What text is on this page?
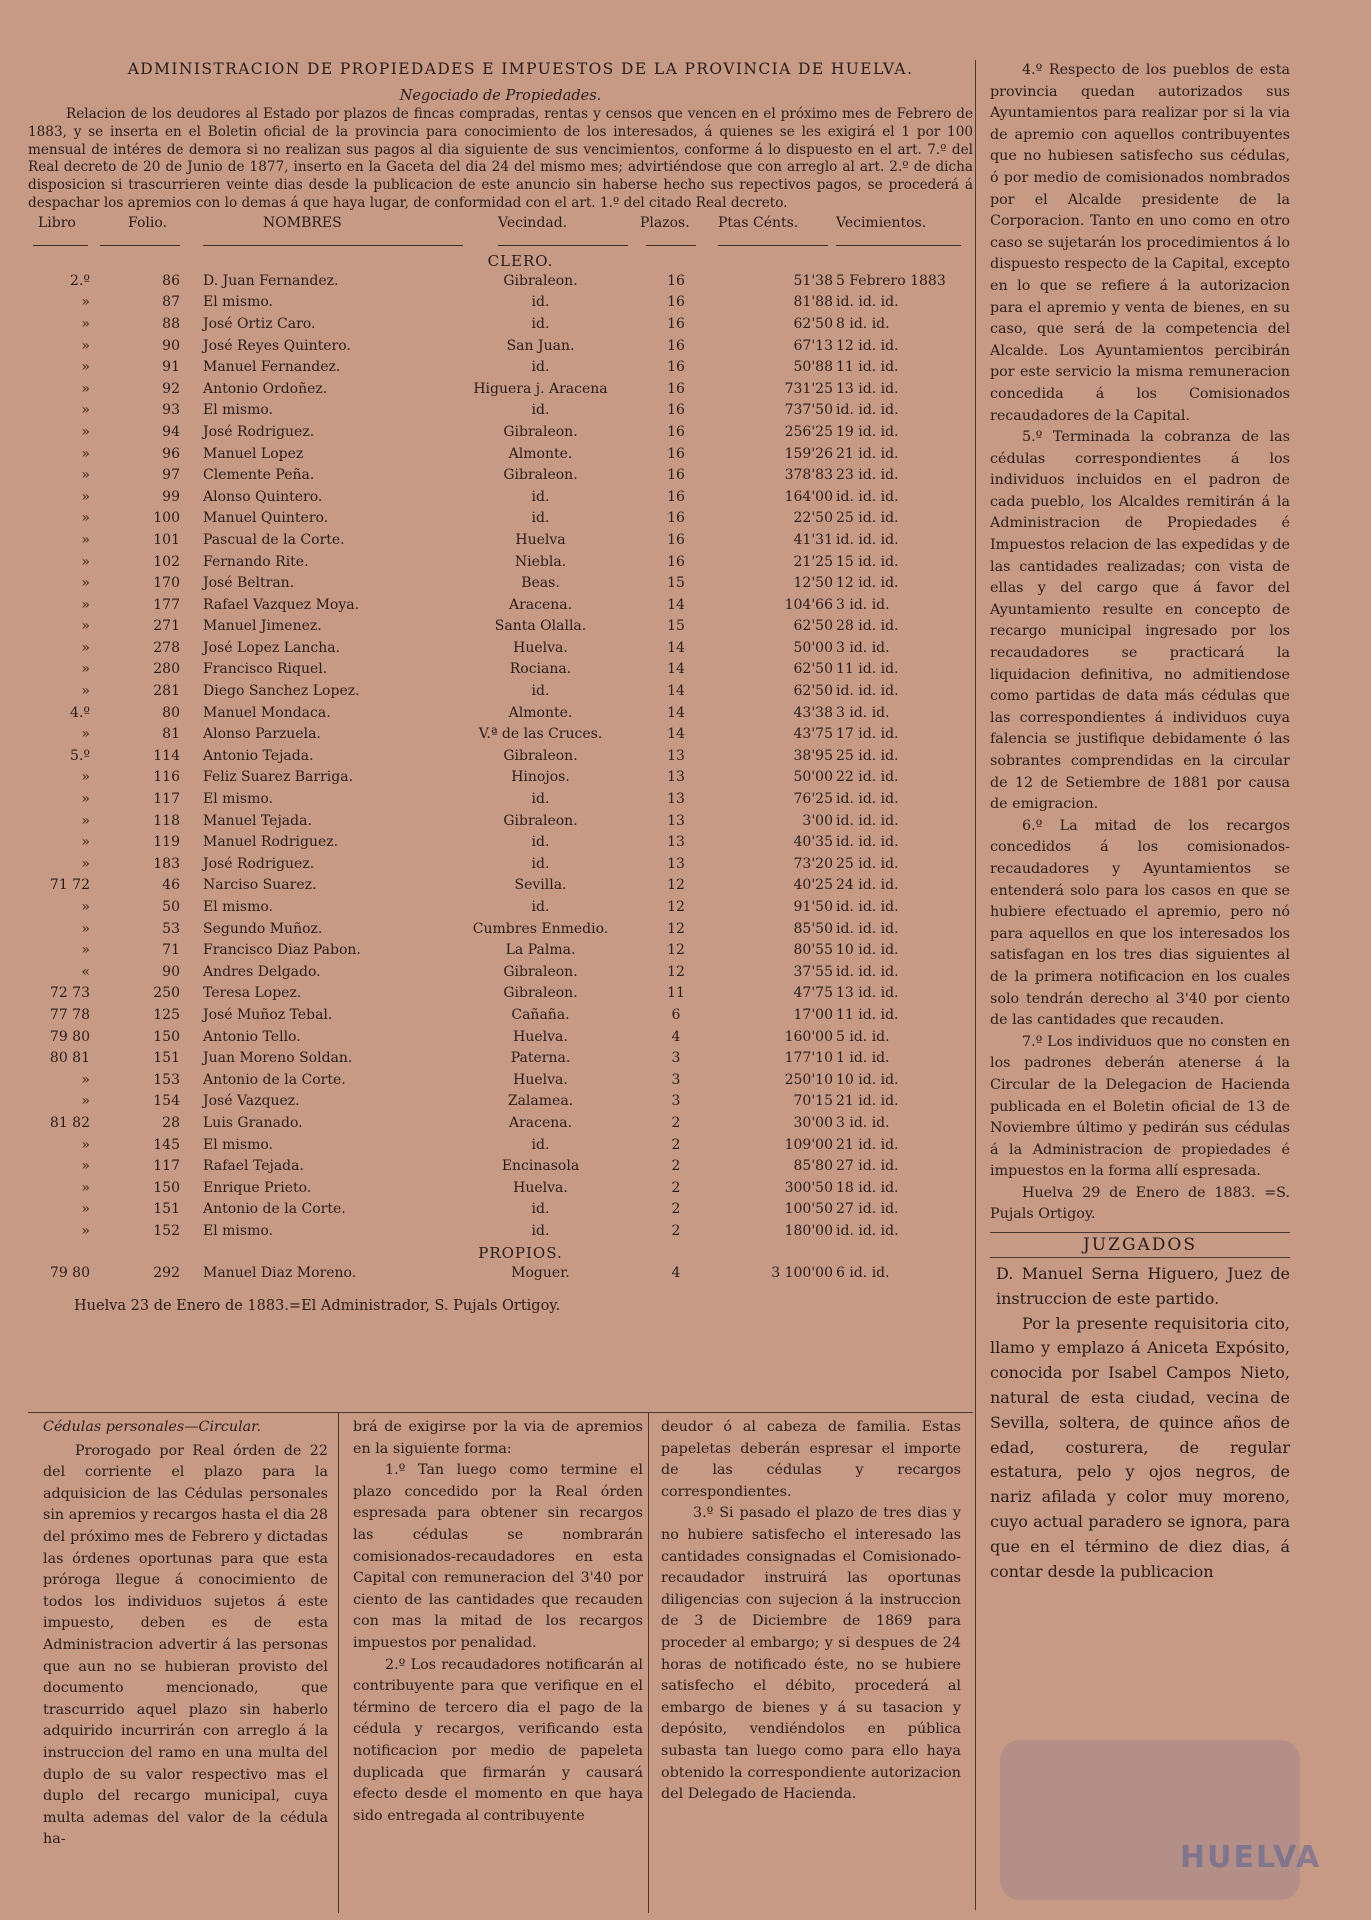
ADMINISTRACION DE PROPIEDADES E IMPUESTOS DE LA PROVINCIA DE HUELVA.
Negociado de Propiedades.

Relacion de los deudores al Estado por plazos de fincas compradas, rentas y censos que vencen en el próximo mes de Febrero de 1883, y se inserta en el Boletin oficial de la provincia para conocimiento de los interesados, á quienes se les exigirá el 1 por 100 mensual de intéres de demora si no realizan sus pagos al dia siguiente de sus vencimientos, conforme á lo dispuesto en el art. 7.º del Real decreto de 20 de Junio de 1877, inserto en la Gaceta del dia 24 del mismo mes; advirtiéndose que con arreglo al art. 2.º de dicha disposicion si trascurrieren veinte dias desde la publicacion de este anuncio sin haberse hecho sus repectivos pagos, se procederá á despachar los apremios con lo demas á que haya lugar, de conformidad con el art. 1.º del citado Real decreto.

Libro	Folio.	NOMBRES	Vecindad.	Plazos. Ptas Cénts.	Vecimientos.
CLERO.
2.º	86 D. Juan Fernandez.	Gibraleon.	16	51'38 5 Febrero 1883
»	87 El mismo.	id.	16	81'88 id. id. id.
»	88 José Ortiz Caro.	id.	16	62'50 8 id. id.
»	90 José Reyes Quintero.	San Juan.	16	67'13 12 id. id.
»	91 Manuel Fernandez.	id.	16	50'88 11 id. id.
»	92 Antonio Ordoñez.	Higuera j. Aracena	16	731'25 13 id. id.
»	93 El mismo.	id.	16	737'50 id. id. id.
»	94 José Rodriguez.	Gibraleon.	16	256'25 19 id. id.
»	96 Manuel Lopez	Almonte.	16	159'26 21 id. id.
»	97 Clemente Peña.	Gibraleon.	16	378'83 23 id. id.
»	99 Alonso Quintero.	id.	16	164'00 id. id. id.
»	100 Manuel Quintero.	id.	16	22'50 25 id. id.
»	101 Pascual de la Corte.	Huelva	16	41'31 id. id. id.
»	102 Fernando Rite.	Niebla.	16	21'25 15 id. id.
»	170 José Beltran.	Beas.	15	12'50 12 id. id.
»	177 Rafael Vazquez Moya.	Aracena.	14	104'66 3 id. id.
»	271 Manuel Jimenez.	Santa Olalla.	15	62'50 28 id. id.
»	278 José Lopez Lancha.	Huelva.	14	50'00 3 id. id.
»	280 Francisco Riquel.	Rociana.	14	62'50 11 id. id.
»	281 Diego Sanchez Lopez.	id.	14	62'50 id. id. id.
4.º	80 Manuel Mondaca.	Almonte.	14	43'38 3 id. id.
»	81 Alonso Parzuela.	V.ª de las Cruces.	14	43'75 17 id. id.
5.º	114 Antonio Tejada.	Gibraleon.	13	38'95 25 id. id.
»	116 Feliz Suarez Barriga.	Hinojos.	13	50'00 22 id. id.
»	117 El mismo.	id.	13	76'25 id. id. id.
»	118 Manuel Tejada.	Gibraleon.	13	3'00 id. id. id.
»	119 Manuel Rodriguez.	id.	13	40'35 id. id. id.
»	183 José Rodriguez.	id.	13	73'20 25 id. id.
71 72	46 Narciso Suarez.	Sevilla.	12	40'25 24 id. id.
»	50 El mismo.	id.	12	91'50 id. id. id.
»	53 Segundo Muñoz.	Cumbres Enmedio.	12	85'50 id. id. id.
»	71 Francisco Diaz Pabon.	La Palma.	12	80'55 10 id. id.
«	90 Andres Delgado.	Gibraleon.	12	37'55 id. id. id.
72 73	250 Teresa Lopez.	Gibraleon.	11	47'75 13 id. id.
77 78	125 José Muñoz Tebal.	Cañaña.	6	17'00 11 id. id.
79 80	150 Antonio Tello.	Huelva.	4	160'00 5 id. id.
80 81	151 Juan Moreno Soldan.	Paterna.	3	177'10 1 id. id.
»	153 Antonio de la Corte.	Huelva.	3	250'10 10 id. id.
»	154 José Vazquez.	Zalamea.	3	70'15 21 id. id.
81 82	28 Luis Granado.	Aracena.	2	30'00 3 id. id.
»	145 El mismo.	id.	2	109'00 21 id. id.
»	117 Rafael Tejada.	Encinasola	2	85'80 27 id. id.
»	150 Enrique Prieto.	Huelva.	2	300'50 18 id. id.
»	151 Antonio de la Corte.	id.	2	100'50 27 id. id.
»	152 El mismo.	id.	2	180'00 id. id. id.
PROPIOS.
79 80	292 Manuel Diaz Moreno.	Moguer.	4	3 100'00 6 id. id.
Huelva 23 de Enero de 1883.=El Administrador, S. Pujals Ortigoy.

4.º Respecto de los pueblos de esta provincia quedan autorizados sus Ayuntamientos para realizar por si la via de apremio con aquellos contribuyentes que no hubiesen satisfecho sus cédulas, ó por medio de comisionados nombrados por el Alcalde presidente de la Corporacion. Tanto en uno como en otro caso se sujetarán los procedimientos á lo dispuesto respecto de la Capital, excepto en lo que se refiere á la autorizacion para el apremio y venta de bienes, en su caso, que será de la competencia del Alcalde. Los Ayuntamientos percibirán por este servicio la misma remuneracion concedida á los Comisionados recaudadores de la Capital.

5.º Terminada la cobranza de las cédulas correspondientes á los individuos incluidos en el padron de cada pueblo, los Alcaldes remitirán á la Administracion de Propiedades é Impuestos relacion de las expedidas y de las cantidades realizadas; con vista de ellas y del cargo que á favor del Ayuntamiento resulte en concepto de recargo municipal ingresado por los recaudadores se practicará la liquidacion definitiva, no admitiendose como partidas de data más cédulas que las correspondientes á individuos cuya falencia se justifique debidamente ó las sobrantes comprendidas en la circular de 12 de Setiembre de 1881 por causa de emigracion.

6.º La mitad de los recargos concedidos á los comisionados-recaudadores y Ayuntamientos se entenderá solo para los casos en que se hubiere efectuado el apremio, pero nó para aquellos en que los interesados los satisfagan en los tres dias siguientes al de la primera notificacion en los cuales solo tendrán derecho al 3'40 por ciento de las cantidades que recauden.

7.º Los individuos que no consten en los padrones deberán atenerse á la Circular de la Delegacion de Hacienda publicada en el Boletin oficial de 13 de Noviembre último y pedirán sus cédulas á la Administracion de propiedades é impuestos en la forma allí espresada.

Huelva 29 de Enero de 1883. =S. Pujals Ortigoy.

JUZGADOS

D. Manuel Serna Higuero, Juez de instruccion de este partido.

Por la presente requisitoria cito, llamo y emplazo á Aniceta Expósito, conocida por Isabel Campos Nieto, natural de esta ciudad, vecina de Sevilla, soltera, de quince años de edad, costurera, de regular estatura, pelo y ojos negros, de nariz afilada y color muy moreno, cuyo actual paradero se ignora, para que en el término de diez dias, á contar desde la publicacion

Cédulas personales—Circular.

Prorogado por Real órden de 22 del corriente el plazo para la adquisicion de las Cédulas personales sin apremios y recargos hasta el dia 28 del próximo mes de Febrero y dictadas las órdenes oportunas para que esta próroga llegue á conocimiento de todos los individuos sujetos á este impuesto, deben es de esta Administracion advertir á las personas que aun no se hubieran provisto del documento mencionado, que trascurrido aquel plazo sin haberlo adquirido incurrirán con arreglo á la instruccion del ramo en una multa del duplo de su valor respectivo mas el duplo del recargo municipal, cuya multa ademas del valor de la cédula ha-

brá de exigirse por la via de apremios en la siguiente forma:

1.º Tan luego como termine el plazo concedido por la Real órden espresada para obtener sin recargos las cédulas se nombrarán comisionados-recaudadores en esta Capital con remuneracion del 3'40 por ciento de las cantidades que recauden con mas la mitad de los recargos impuestos por penalidad.

2.º Los recaudadores notificarán al contribuyente para que verifique en el término de tercero dia el pago de la cédula y recargos, verificando esta notificacion por medio de papeleta duplicada que firmarán y causará efecto desde el momento en que haya sido entregada al contribuyente

deudor ó al cabeza de familia. Estas papeletas deberán espresar el importe de las cédulas y recargos correspondientes.

3.º Si pasado el plazo de tres dias y no hubiere satisfecho el interesado las cantidades consignadas el Comisionado-recaudador instruirá las oportunas diligencias con sujecion á la instruccion de 3 de Diciembre de 1869 para proceder al embargo; y si despues de 24 horas de notificado éste, no se hubiere satisfecho el débito, procederá al embargo de bienes y á su tasacion y depósito, vendiéndolos en pública subasta tan luego como para ello haya obtenido la correspondiente autorizacion del Delegado de Hacienda.

HUELVA
